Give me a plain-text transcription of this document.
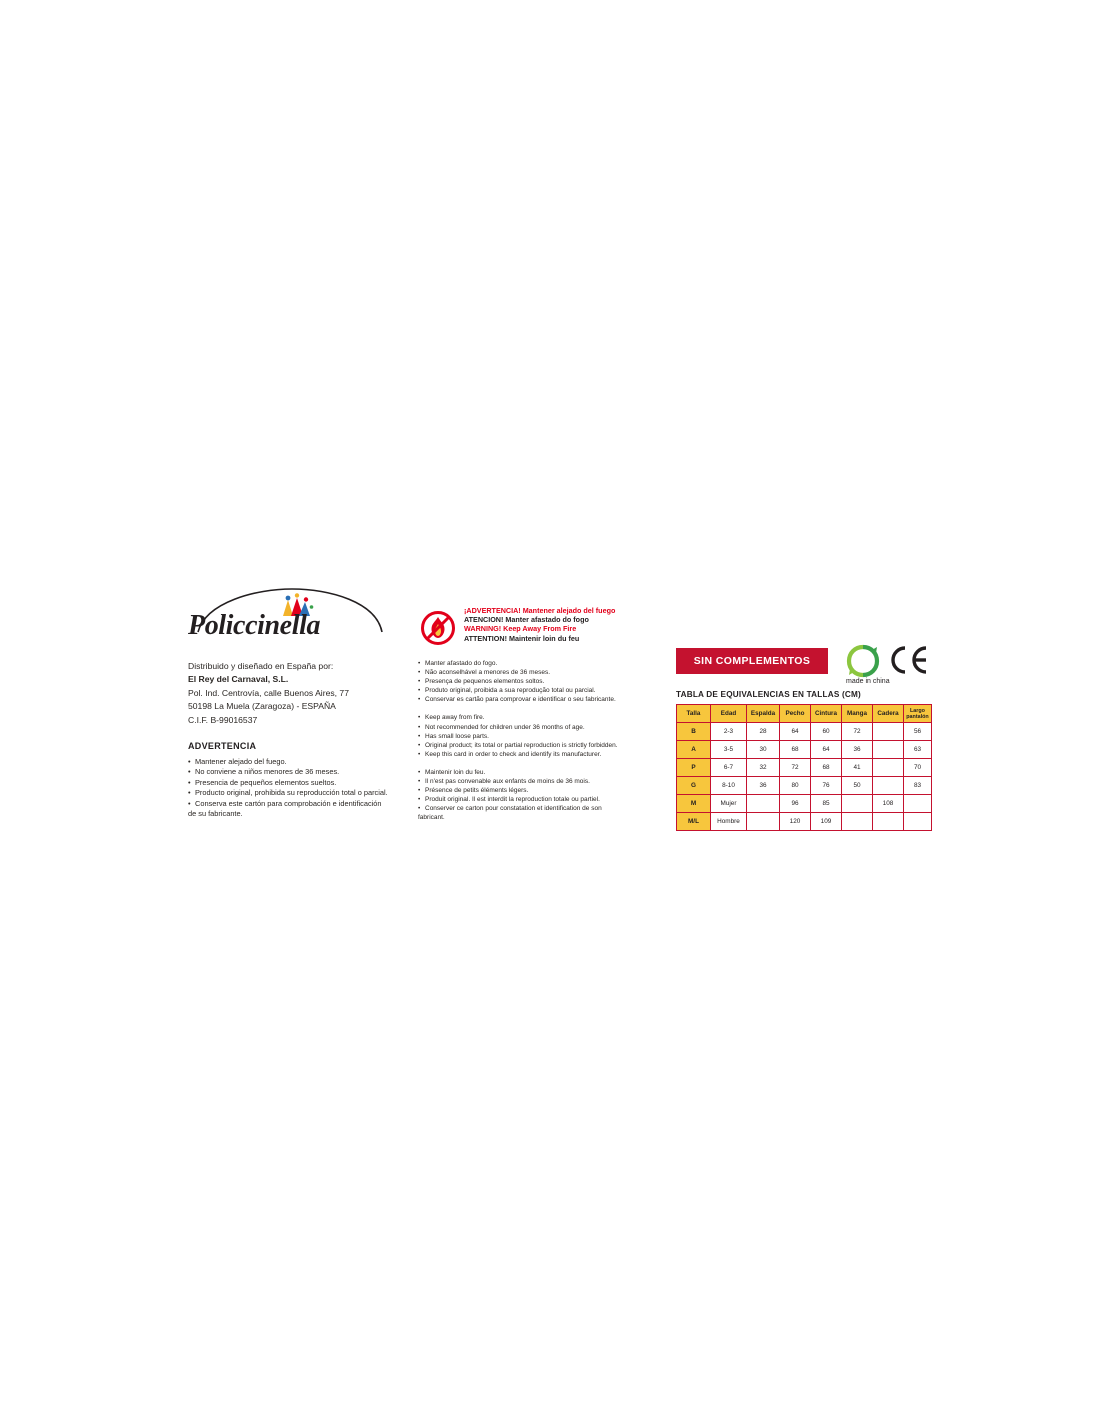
Policcinella
Distribuido y diseñado en España por:
El Rey del Carnaval, S.L.
Pol. Ind. Centrovía, calle Buenos Aires, 77
50198 La Muela (Zaragoza) - ESPAÑA
C.I.F. B-99016537
ADVERTENCIA
• Mantener alejado del fuego.
• No conviene a niños menores de 36 meses.
• Presencia de pequeños elementos sueltos.
• Producto original, prohibida su reproducción total o parcial.
• Conserva este cartón para comprobación e identificación
de su fabricante.
¡ADVERTENCIA! Mantener alejado del fuego
ATENCION! Manter afastado do fogo
WARNING! Keep Away From Fire
ATTENTION! Maintenir loin du feu
• Manter afastado do fogo.
• Não aconselhável a menores de 36 meses.
• Presença de pequenos elementos soltos.
• Produto original, proibida a sua reprodução total ou parcial.
• Conservar es cartão para comprovar e identificar o seu fabricante.
• Keep away from fire.
• Not recommended for children under 36 months of age.
• Has small loose parts.
• Original product; its total or partial reproduction is strictly forbidden.
• Keep this card in order to check and identify its manufacturer.
• Maintenir loin du feu.
• Il n'est pas convenable aux enfants de moins de 36 mois.
• Présence de petits éléments légers.
• Produit original. Il est interdit la reproduction totale ou partiel.
• Conserver ce carton pour constatation et identification de son
fabricant.
SIN COMPLEMENTOS
made in china
TABLA DE EQUIVALENCIAS EN TALLAS (CM)
Talla	Edad	Espalda	Pecho	Cintura	Manga	Cadera	Largo pantalón

B	2-3	28	64	60	72		56
A	3-5	30	68	64	36		63
P	6-7	32	72	68	41		70
G	8-10	36	80	76	50		83
M	Mujer		96	85		108	
M/L	Hombre		120	109			
